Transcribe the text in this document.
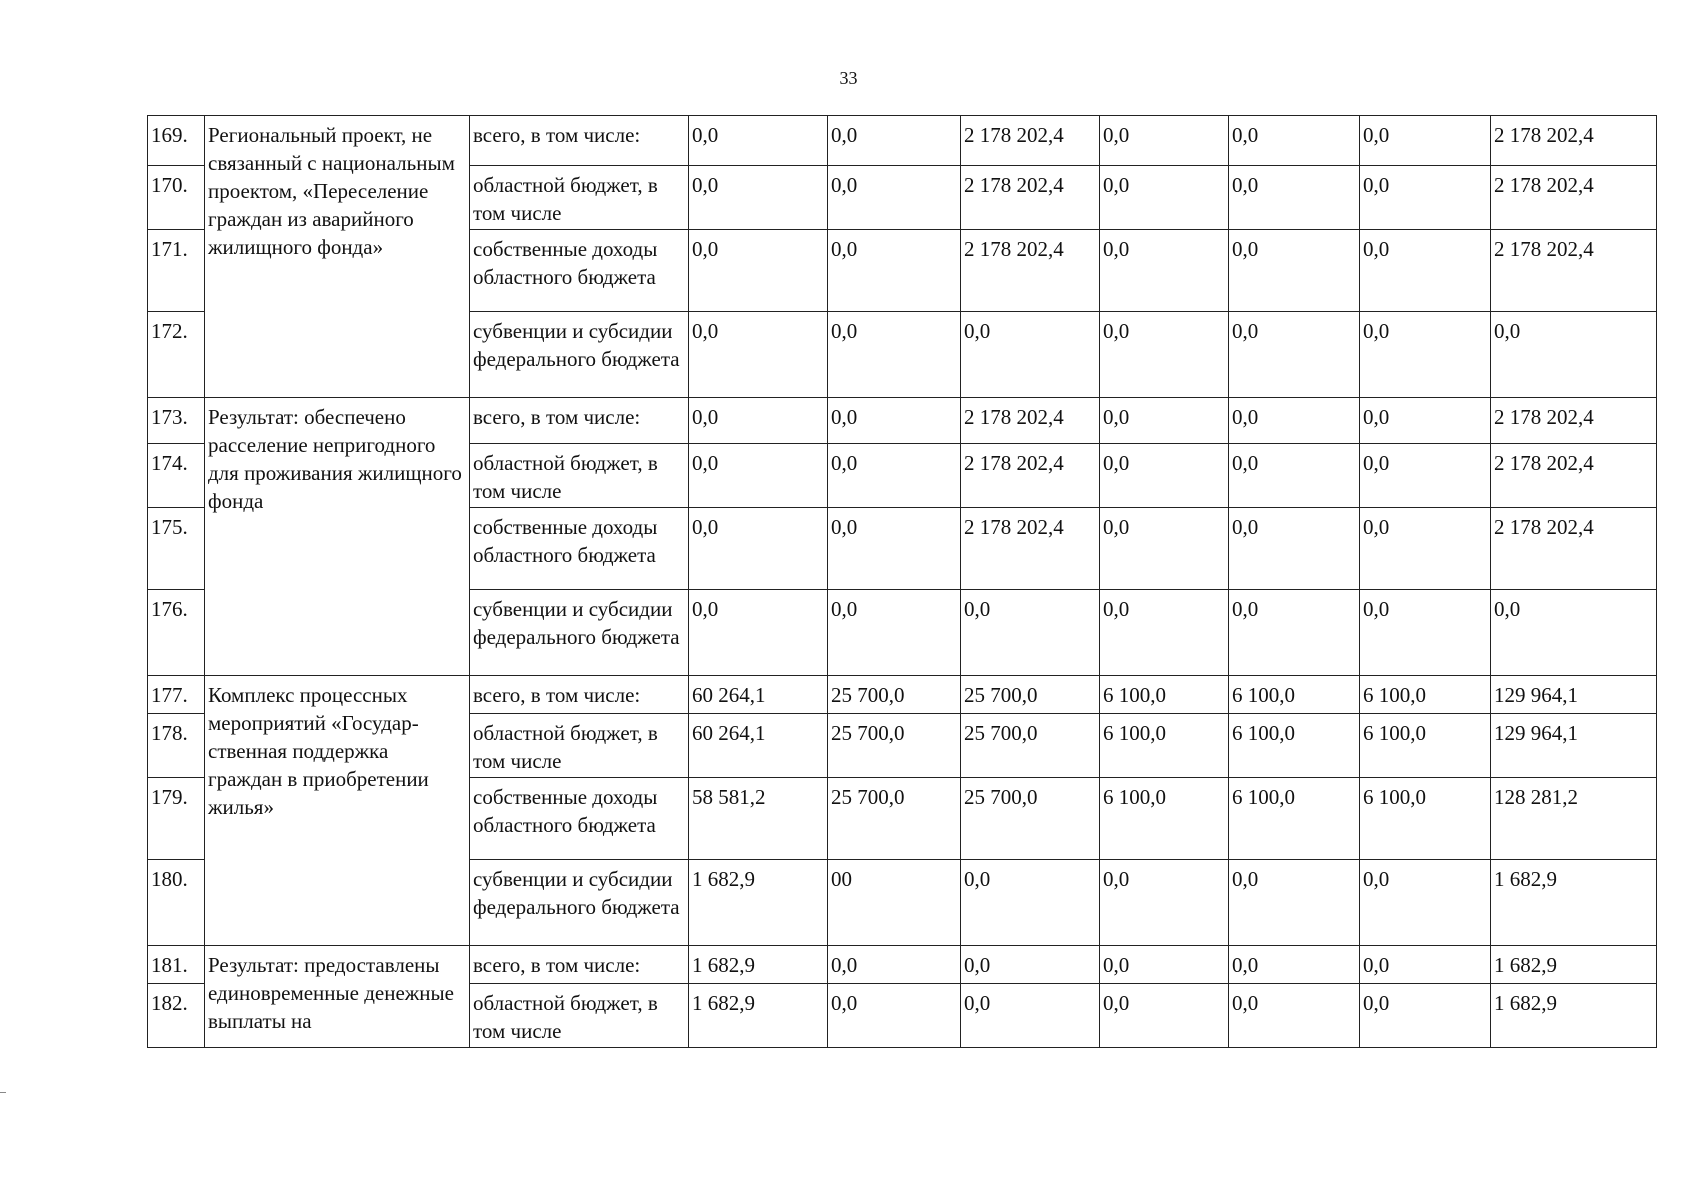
33
169.	Региональный проект, не связанный с национальным проектом, «Переселение граждан из аварийного жилищного фонда»	всего, в том числе:	0,0	0,0	2 178 202,4	0,0	0,0	0,0	2 178 202,4
170.		областной бюджет, в том числе	0,0	0,0	2 178 202,4	0,0	0,0	0,0	2 178 202,4
171.		собственные доходы областного бюджета	0,0	0,0	2 178 202,4	0,0	0,0	0,0	2 178 202,4
172.		субвенции и субсидии федерального бюджета	0,0	0,0	0,0	0,0	0,0	0,0	0,0
173.	Результат: обеспечено расселение непригодного для проживания жилищного фонда	всего, в том числе:	0,0	0,0	2 178 202,4	0,0	0,0	0,0	2 178 202,4
174.		областной бюджет, в том числе	0,0	0,0	2 178 202,4	0,0	0,0	0,0	2 178 202,4
175.		собственные доходы областного бюджета	0,0	0,0	2 178 202,4	0,0	0,0	0,0	2 178 202,4
176.		субвенции и субсидии федерального бюджета	0,0	0,0	0,0	0,0	0,0	0,0	0,0
177.	Комплекс процессных мероприятий «Государственная поддержка граждан в приобретении жилья»	всего, в том числе:	60 264,1	25 700,0	25 700,0	6 100,0	6 100,0	6 100,0	129 964,1
178.		областной бюджет, в том числе	60 264,1	25 700,0	25 700,0	6 100,0	6 100,0	6 100,0	129 964,1
179.		собственные доходы областного бюджета	58 581,2	25 700,0	25 700,0	6 100,0	6 100,0	6 100,0	128 281,2
180.		субвенции и субсидии федерального бюджета	1 682,9	00	0,0	0,0	0,0	0,0	1 682,9
181.	Результат: предоставлены единовременные денежные выплаты на	всего, в том числе:	1 682,9	0,0	0,0	0,0	0,0	0,0	1 682,9
182.		областной бюджет, в том числе	1 682,9	0,0	0,0	0,0	0,0	0,0	1 682,9
